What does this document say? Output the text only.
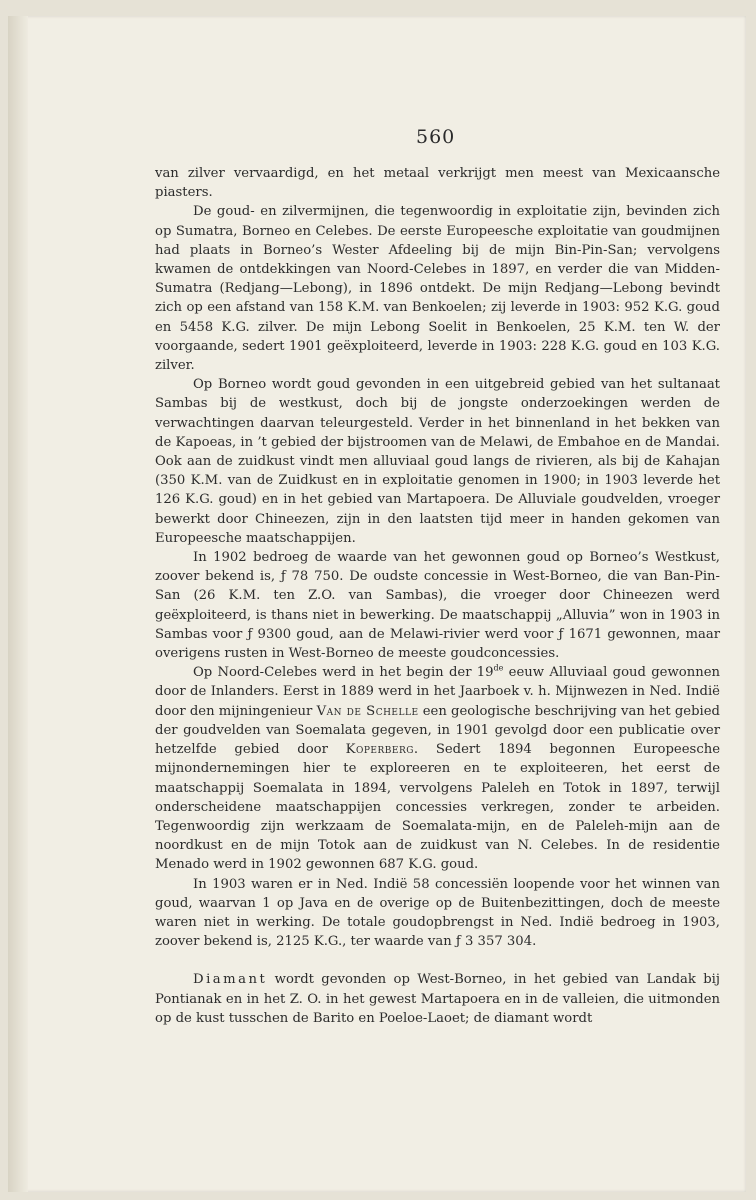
560

van zilver vervaardigd, en het metaal verkrijgt men meest van Mexicaansche piasters.

De goud- en zilvermijnen, die tegenwoordig in exploitatie zijn, bevinden zich op Sumatra, Borneo en Celebes. De eerste Europeesche exploitatie van goudmijnen had plaats in Borneo’s Wester Afdeeling bij de mijn Bin-Pin-San; vervolgens kwamen de ontdekkingen van Noord-Celebes in 1897, en verder die van Midden-Sumatra (Redjang—Lebong), in 1896 ontdekt. De mijn Redjang—Lebong bevindt zich op een afstand van 158 K.M. van Benkoelen; zij leverde in 1903: 952 K.G. goud en 5458 K.G. zilver. De mijn Lebong Soelit in Benkoelen, 25 K.M. ten W. der voorgaande, sedert 1901 geëxploiteerd, leverde in 1903: 228 K.G. goud en 103 K.G. zilver.

Op Borneo wordt goud gevonden in een uitgebreid gebied van het sultanaat Sambas bij de westkust, doch bij de jongste onderzoekingen werden de verwachtingen daarvan teleurgesteld. Verder in het binnenland in het bekken van de Kapoeas, in ’t gebied der bijstroomen van de Melawi, de Embahoe en de Mandai. Ook aan de zuidkust vindt men alluviaal goud langs de rivieren, als bij de Kahajan (350 K.M. van de Zuidkust en in exploitatie genomen in 1900; in 1903 leverde het 126 K.G. goud) en in het gebied van Martapoera. De Alluviale goudvelden, vroeger bewerkt door Chineezen, zijn in den laatsten tijd meer in handen gekomen van Europeesche maatschappijen.

In 1902 bedroeg de waarde van het gewonnen goud op Borneo’s Westkust, zoover bekend is, ƒ 78 750. De oudste concessie in West-Borneo, die van Ban-Pin-San (26 K.M. ten Z.O. van Sambas), die vroeger door Chineezen werd geëxploiteerd, is thans niet in bewerking. De maatschappij „Alluvia” won in 1903 in Sambas voor ƒ 9300 goud, aan de Melawi-rivier werd voor ƒ 1671 gewonnen, maar overigens rusten in West-Borneo de meeste goudconcessies.

Op Noord-Celebes werd in het begin der 19de eeuw Alluviaal goud gewonnen door de Inlanders. Eerst in 1889 werd in het Jaarboek v. h. Mijnwezen in Ned. Indië door den mijningenieur Van de Schelle een geologische beschrijving van het gebied der goudvelden van Soemalata gegeven, in 1901 gevolgd door een publicatie over hetzelfde gebied door Koperberg. Sedert 1894 begonnen Europeesche mijnondernemingen hier te exploreeren en te exploiteeren, het eerst de maatschappij Soemalata in 1894, vervolgens Paleleh en Totok in 1897, terwijl onderscheidene maatschappijen concessies verkregen, zonder te arbeiden. Tegenwoordig zijn werkzaam de Soemalata-mijn, en de Paleleh-mijn aan de noordkust en de mijn Totok aan de zuidkust van N. Celebes. In de residentie Menado werd in 1902 gewonnen 687 K.G. goud.

In 1903 waren er in Ned. Indië 58 concessiën loopende voor het winnen van goud, waarvan 1 op Java en de overige op de Buitenbezittingen, doch de meeste waren niet in werking. De totale goudopbrengst in Ned. Indië bedroeg in 1903, zoover bekend is, 2125 K.G., ter waarde van ƒ 3 357 304.

Diamant wordt gevonden op West-Borneo, in het gebied van Landak bij Pontianak en in het Z. O. in het gewest Martapoera en in de valleien, die uitmonden op de kust tusschen de Barito en Poeloe-Laoet; de diamant wordt
